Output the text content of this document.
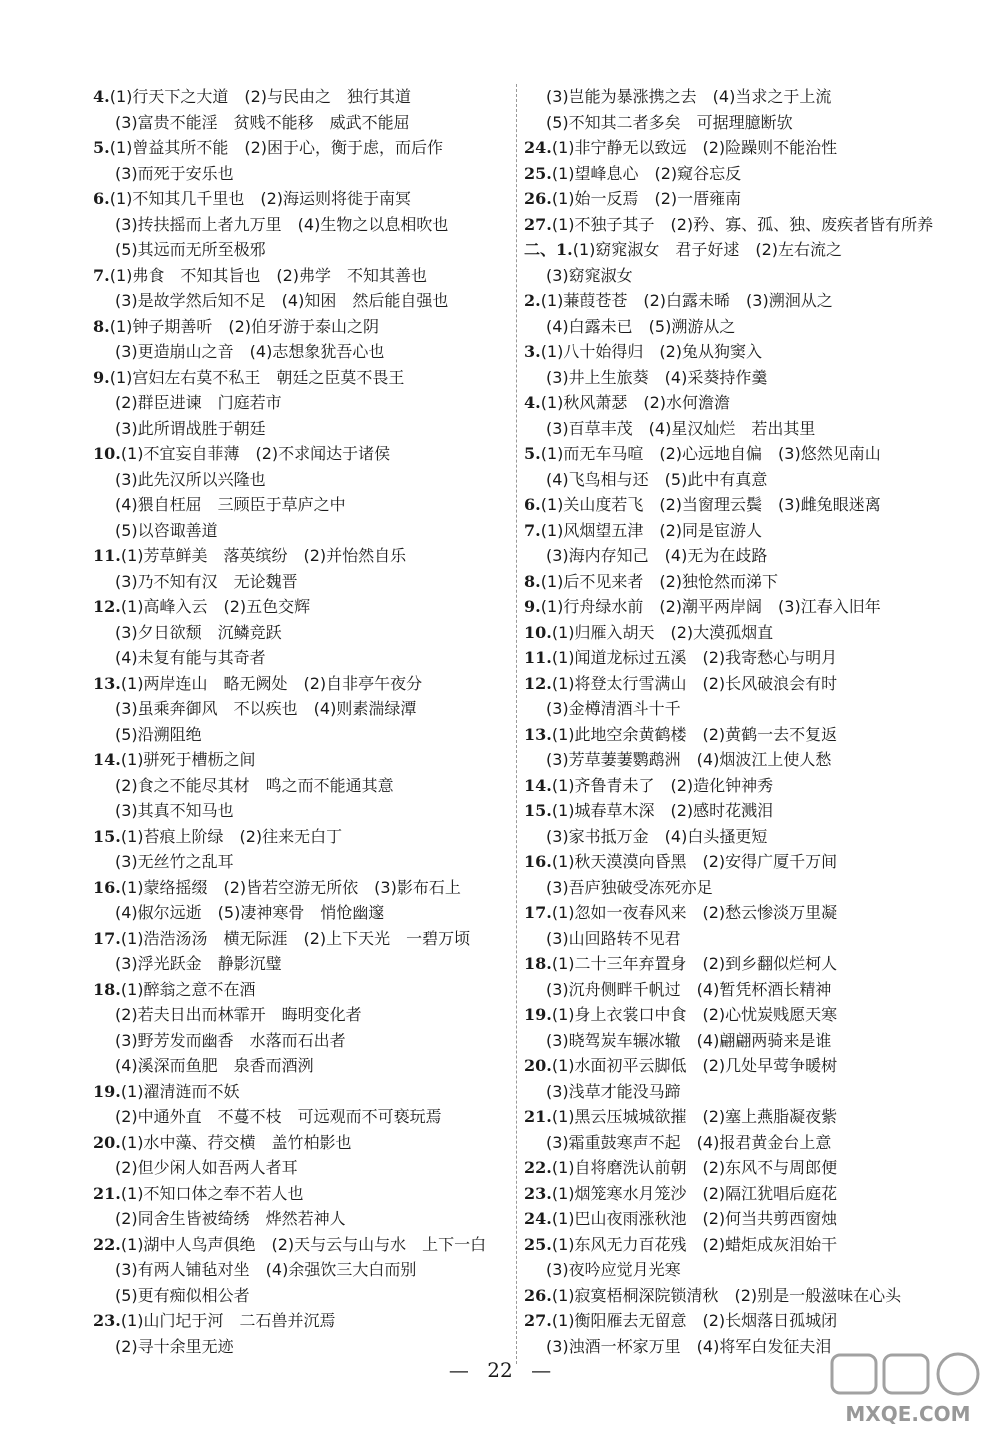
4.(1)行天下之大道　(2)与民由之　独行其道
(3)富贵不能淫　贫贱不能移　威武不能屈
5.(1)曾益其所不能　(2)困于心，衡于虑，而后作
(3)而死于安乐也
6.(1)不知其几千里也　(2)海运则将徙于南冥
(3)抟扶摇而上者九万里　(4)生物之以息相吹也
(5)其远而无所至极邪
7.(1)弗食　不知其旨也　(2)弗学　不知其善也
(3)是故学然后知不足　(4)知困　然后能自强也
8.(1)钟子期善听　(2)伯牙游于泰山之阴
(3)更造崩山之音　(4)志想象犹吾心也
9.(1)宫妇左右莫不私王　朝廷之臣莫不畏王
(2)群臣进谏　门庭若市
(3)此所谓战胜于朝廷
10.(1)不宜妄自菲薄　(2)不求闻达于诸侯
(3)此先汉所以兴隆也
(4)猥自枉屈　三顾臣于草庐之中
(5)以咨诹善道
11.(1)芳草鲜美　落英缤纷　(2)并怡然自乐
(3)乃不知有汉　无论魏晋
12.(1)高峰入云　(2)五色交辉
(3)夕日欲颓　沉鳞竞跃
(4)未复有能与其奇者
13.(1)两岸连山　略无阙处　(2)自非亭午夜分
(3)虽乘奔御风　不以疾也　(4)则素湍绿潭
(5)沿溯阻绝
14.(1)骈死于槽枥之间
(2)食之不能尽其材　鸣之而不能通其意
(3)其真不知马也
15.(1)苔痕上阶绿　(2)往来无白丁
(3)无丝竹之乱耳
16.(1)蒙络摇缀　(2)皆若空游无所依　(3)影布石上
(4)俶尔远逝　(5)凄神寒骨　悄怆幽邃
17.(1)浩浩汤汤　横无际涯　(2)上下天光　一碧万顷
(3)浮光跃金　静影沉璧
18.(1)醉翁之意不在酒
(2)若夫日出而林霏开　晦明变化者
(3)野芳发而幽香　水落而石出者
(4)溪深而鱼肥　泉香而酒洌
19.(1)濯清涟而不妖
(2)中通外直　不蔓不枝　可远观而不可亵玩焉
20.(1)水中藻、荇交横　盖竹柏影也
(2)但少闲人如吾两人者耳
21.(1)不知口体之奉不若人也
(2)同舍生皆被绮绣　烨然若神人
22.(1)湖中人鸟声俱绝　(2)天与云与山与水　上下一白
(3)有两人铺毡对坐　(4)余强饮三大白而别
(5)更有痴似相公者
23.(1)山门圮于河　二石兽并沉焉
(2)寻十余里无迹
(3)岂能为暴涨携之去　(4)当求之于上流
(5)不知其二者多矣　可据理臆断欤
24.(1)非宁静无以致远　(2)险躁则不能治性
25.(1)望峰息心　(2)窥谷忘反
26.(1)始一反焉　(2)一厝雍南
27.(1)不独子其子　(2)矜、寡、孤、独、废疾者皆有所养
二、1.(1)窈窕淑女　君子好逑　(2)左右流之
(3)窈窕淑女
2.(1)蒹葭苍苍　(2)白露未晞　(3)溯洄从之
(4)白露未已　(5)溯游从之
3.(1)八十始得归　(2)兔从狗窦入
(3)井上生旅葵　(4)采葵持作羹
4.(1)秋风萧瑟　(2)水何澹澹
(3)百草丰茂　(4)星汉灿烂　若出其里
5.(1)而无车马喧　(2)心远地自偏　(3)悠然见南山
(4)飞鸟相与还　(5)此中有真意
6.(1)关山度若飞　(2)当窗理云鬓　(3)雌兔眼迷离
7.(1)风烟望五津　(2)同是宦游人
(3)海内存知己　(4)无为在歧路
8.(1)后不见来者　(2)独怆然而涕下
9.(1)行舟绿水前　(2)潮平两岸阔　(3)江春入旧年
10.(1)归雁入胡天　(2)大漠孤烟直
11.(1)闻道龙标过五溪　(2)我寄愁心与明月
12.(1)将登太行雪满山　(2)长风破浪会有时
(3)金樽清酒斗十千
13.(1)此地空余黄鹤楼　(2)黄鹤一去不复返
(3)芳草萋萋鹦鹉洲　(4)烟波江上使人愁
14.(1)齐鲁青未了　(2)造化钟神秀
15.(1)城春草木深　(2)感时花溅泪
(3)家书抵万金　(4)白头搔更短
16.(1)秋天漠漠向昏黑　(2)安得广厦千万间
(3)吾庐独破受冻死亦足
17.(1)忽如一夜春风来　(2)愁云惨淡万里凝
(3)山回路转不见君
18.(1)二十三年弃置身　(2)到乡翻似烂柯人
(3)沉舟侧畔千帆过　(4)暂凭杯酒长精神
19.(1)身上衣裳口中食　(2)心忧炭贱愿天寒
(3)晓驾炭车辗冰辙　(4)翩翩两骑来是谁
20.(1)水面初平云脚低　(2)几处早莺争暖树
(3)浅草才能没马蹄
21.(1)黑云压城城欲摧　(2)塞上燕脂凝夜紫
(3)霜重鼓寒声不起　(4)报君黄金台上意
22.(1)自将磨洗认前朝　(2)东风不与周郎便
23.(1)烟笼寒水月笼沙　(2)隔江犹唱后庭花
24.(1)巴山夜雨涨秋池　(2)何当共剪西窗烛
25.(1)东风无力百花残　(2)蜡炬成灰泪始干
(3)夜吟应觉月光寒
26.(1)寂寞梧桐深院锁清秋　(2)别是一般滋味在心头
27.(1)衡阳雁去无留意　(2)长烟落日孤城闭
(3)浊酒一杯家万里　(4)将军白发征夫泪
— 22 —
MXQE.COM
